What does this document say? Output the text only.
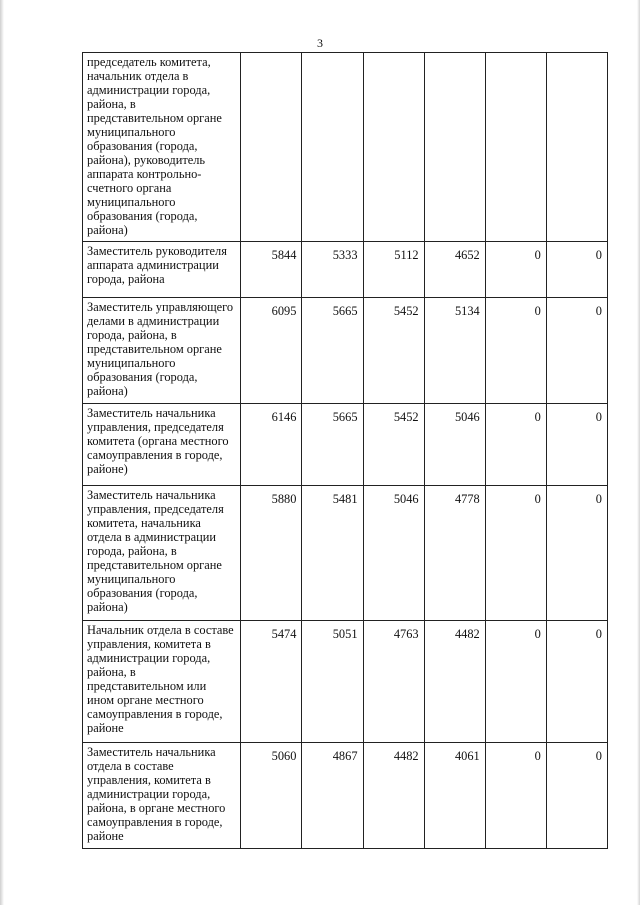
3
председатель комитета, начальник отдела в администрации города, района, в представительном органе муниципального образования (города, района), руководитель аппарата контрольно-счетного органа муниципального образования (города, района)						
Заместитель руководителя аппарата администрации города, района	5844	5333	5112	4652	0	0
Заместитель управляющего делами в администрации города, района, в представительном органе муниципального образования (города, района)	6095	5665	5452	5134	0	0
Заместитель начальника управления, председателя комитета (органа местного самоуправления в городе, районе)	6146	5665	5452	5046	0	0
Заместитель начальника управления, председателя комитета, начальника отдела в администрации города, района, в представительном органе муниципального образования (города, района)	5880	5481	5046	4778	0	0
Начальник отдела в составе управления, комитета в администрации города, района, в представительном или ином органе местного самоуправления в городе, районе	5474	5051	4763	4482	0	0
Заместитель начальника отдела в составе управления, комитета в администрации города, района, в органе местного самоуправления в городе, районе	5060	4867	4482	4061	0	0
